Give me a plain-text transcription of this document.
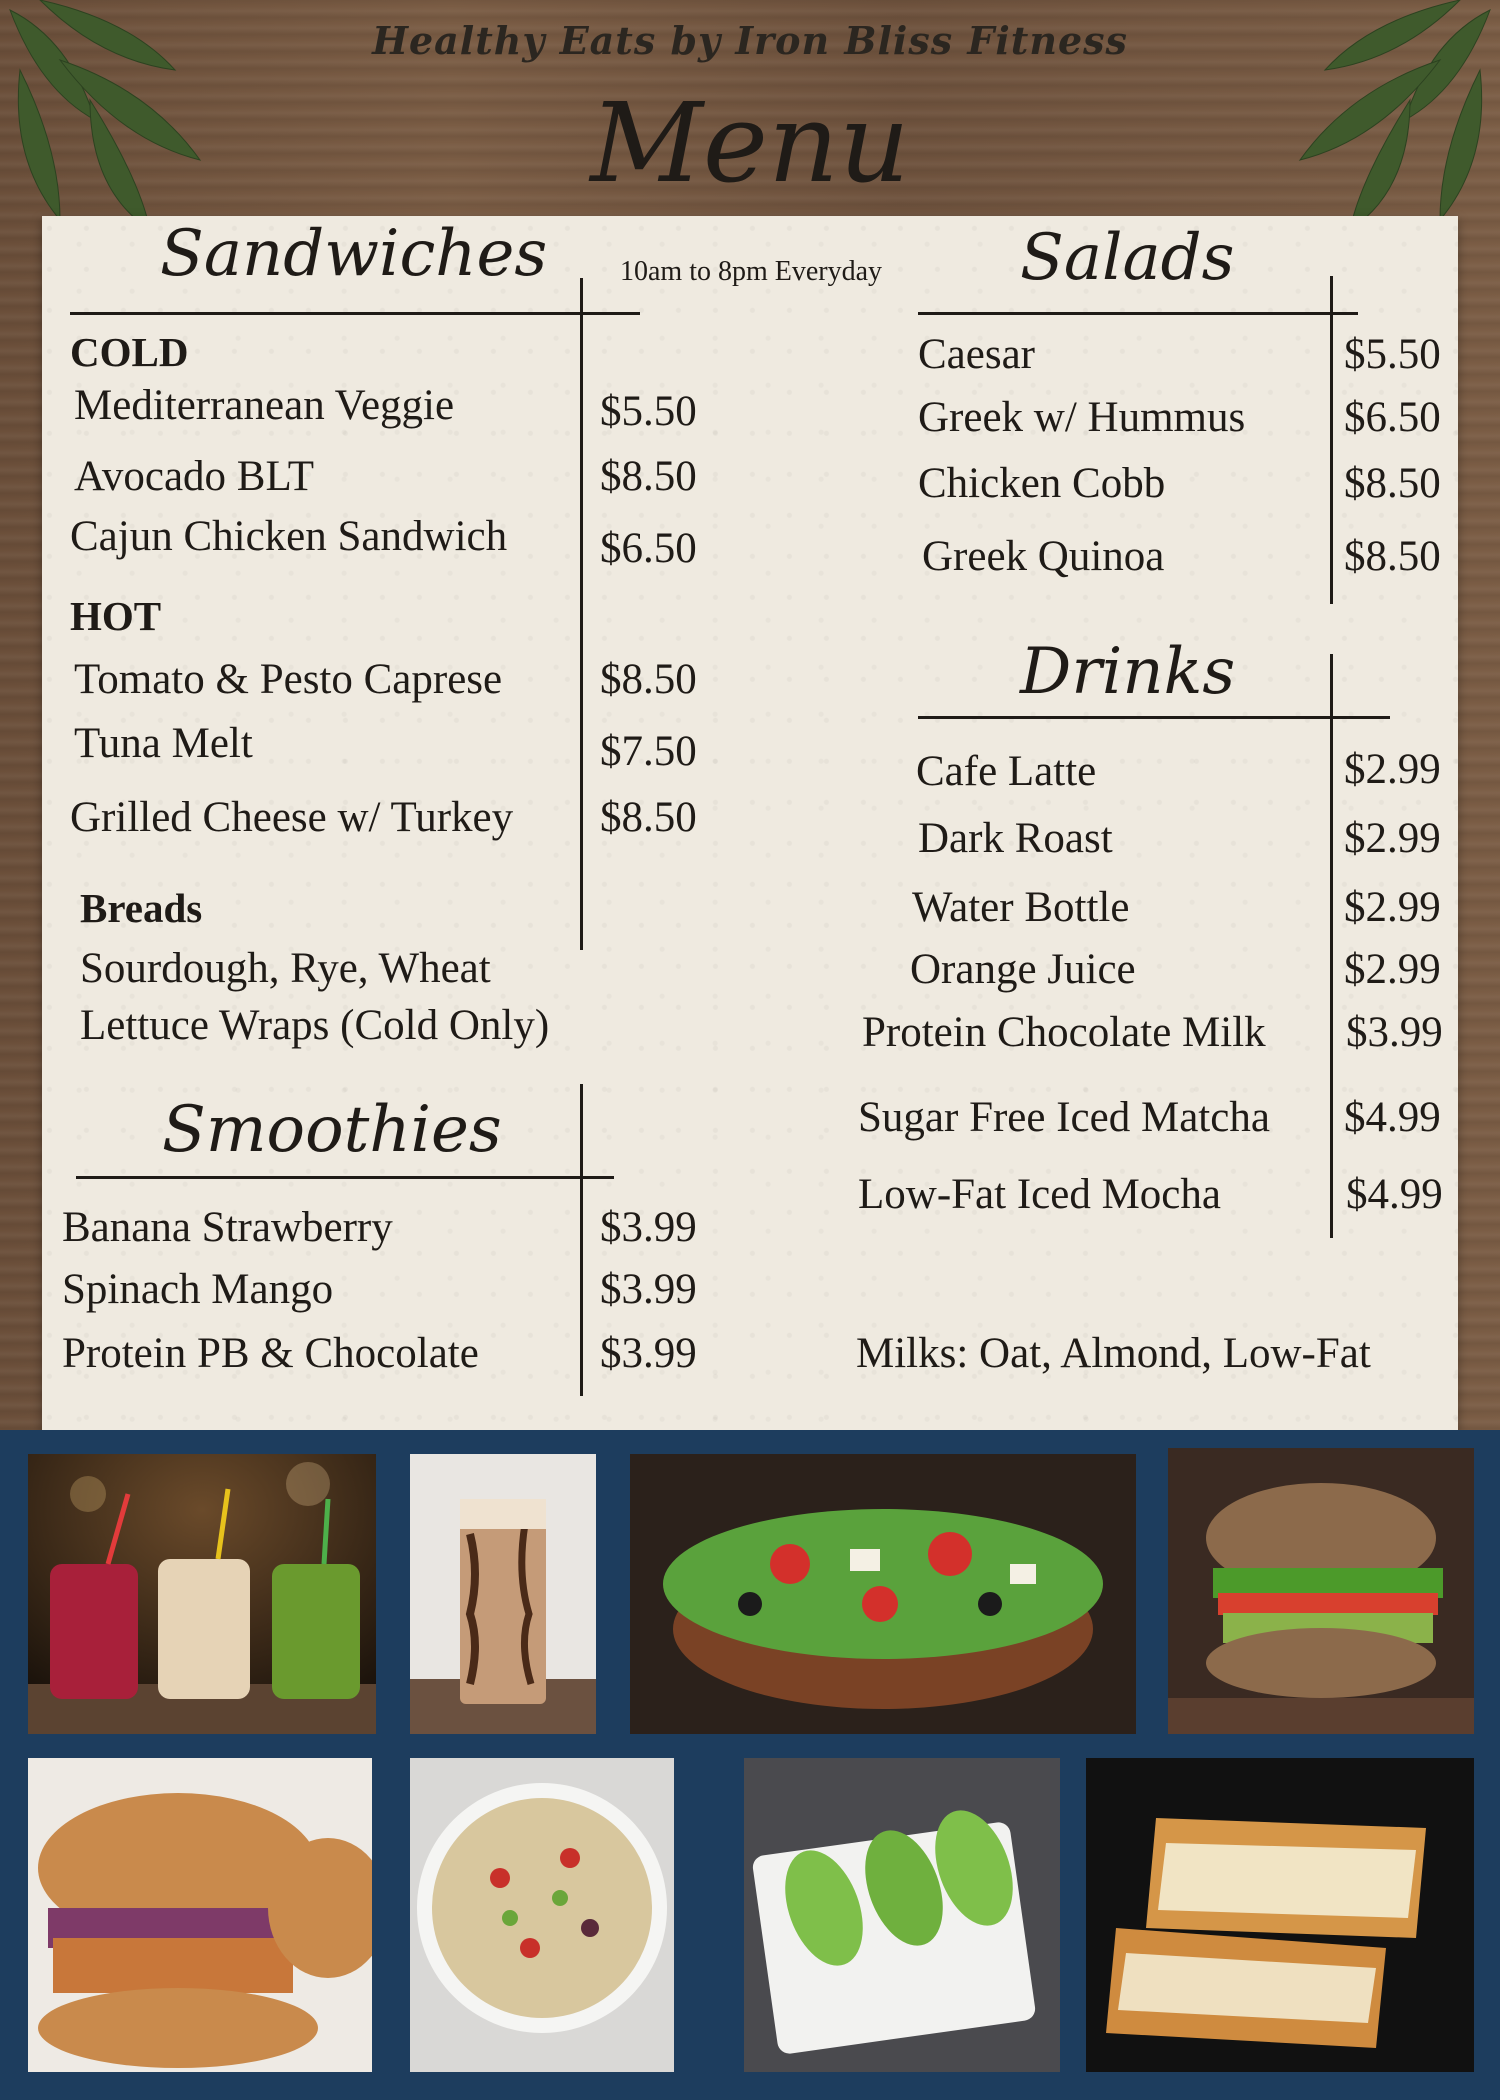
Healthy Eats by Iron Bliss Fitness
Menu
Sandwiches	10am to 8pm Everyday
COLD
Mediterranean Veggie	$5.50
Avocado BLT	$8.50
Cajun Chicken Sandwich $6.50
HOT
Tomato & Pesto Caprese $8.50
Tuna Melt	$7.50
Grilled Cheese w/ Turkey $8.50
Breads
Sourdough, Rye, Wheat
Lettuce Wraps (Cold Only)
Smoothies
Banana Strawberry	$3.99
Spinach Mango	$3.99
Protein PB & Chocolate	$3.99
Salads
Caesar	$5.50
Greek w/ Hummus $6.50
Chicken Cobb	$8.50
Greek Quinoa	$8.50
Drinks
Cafe Latte	$2.99
Dark Roast	$2.99
Water Bottle	$2.99
Orange Juice	$2.99
Protein Chocolate Milk $3.99
Sugar Free Iced Matcha $4.99
Low-Fat Iced Mocha	$4.99
Milks: Oat, Almond, Low-Fat
